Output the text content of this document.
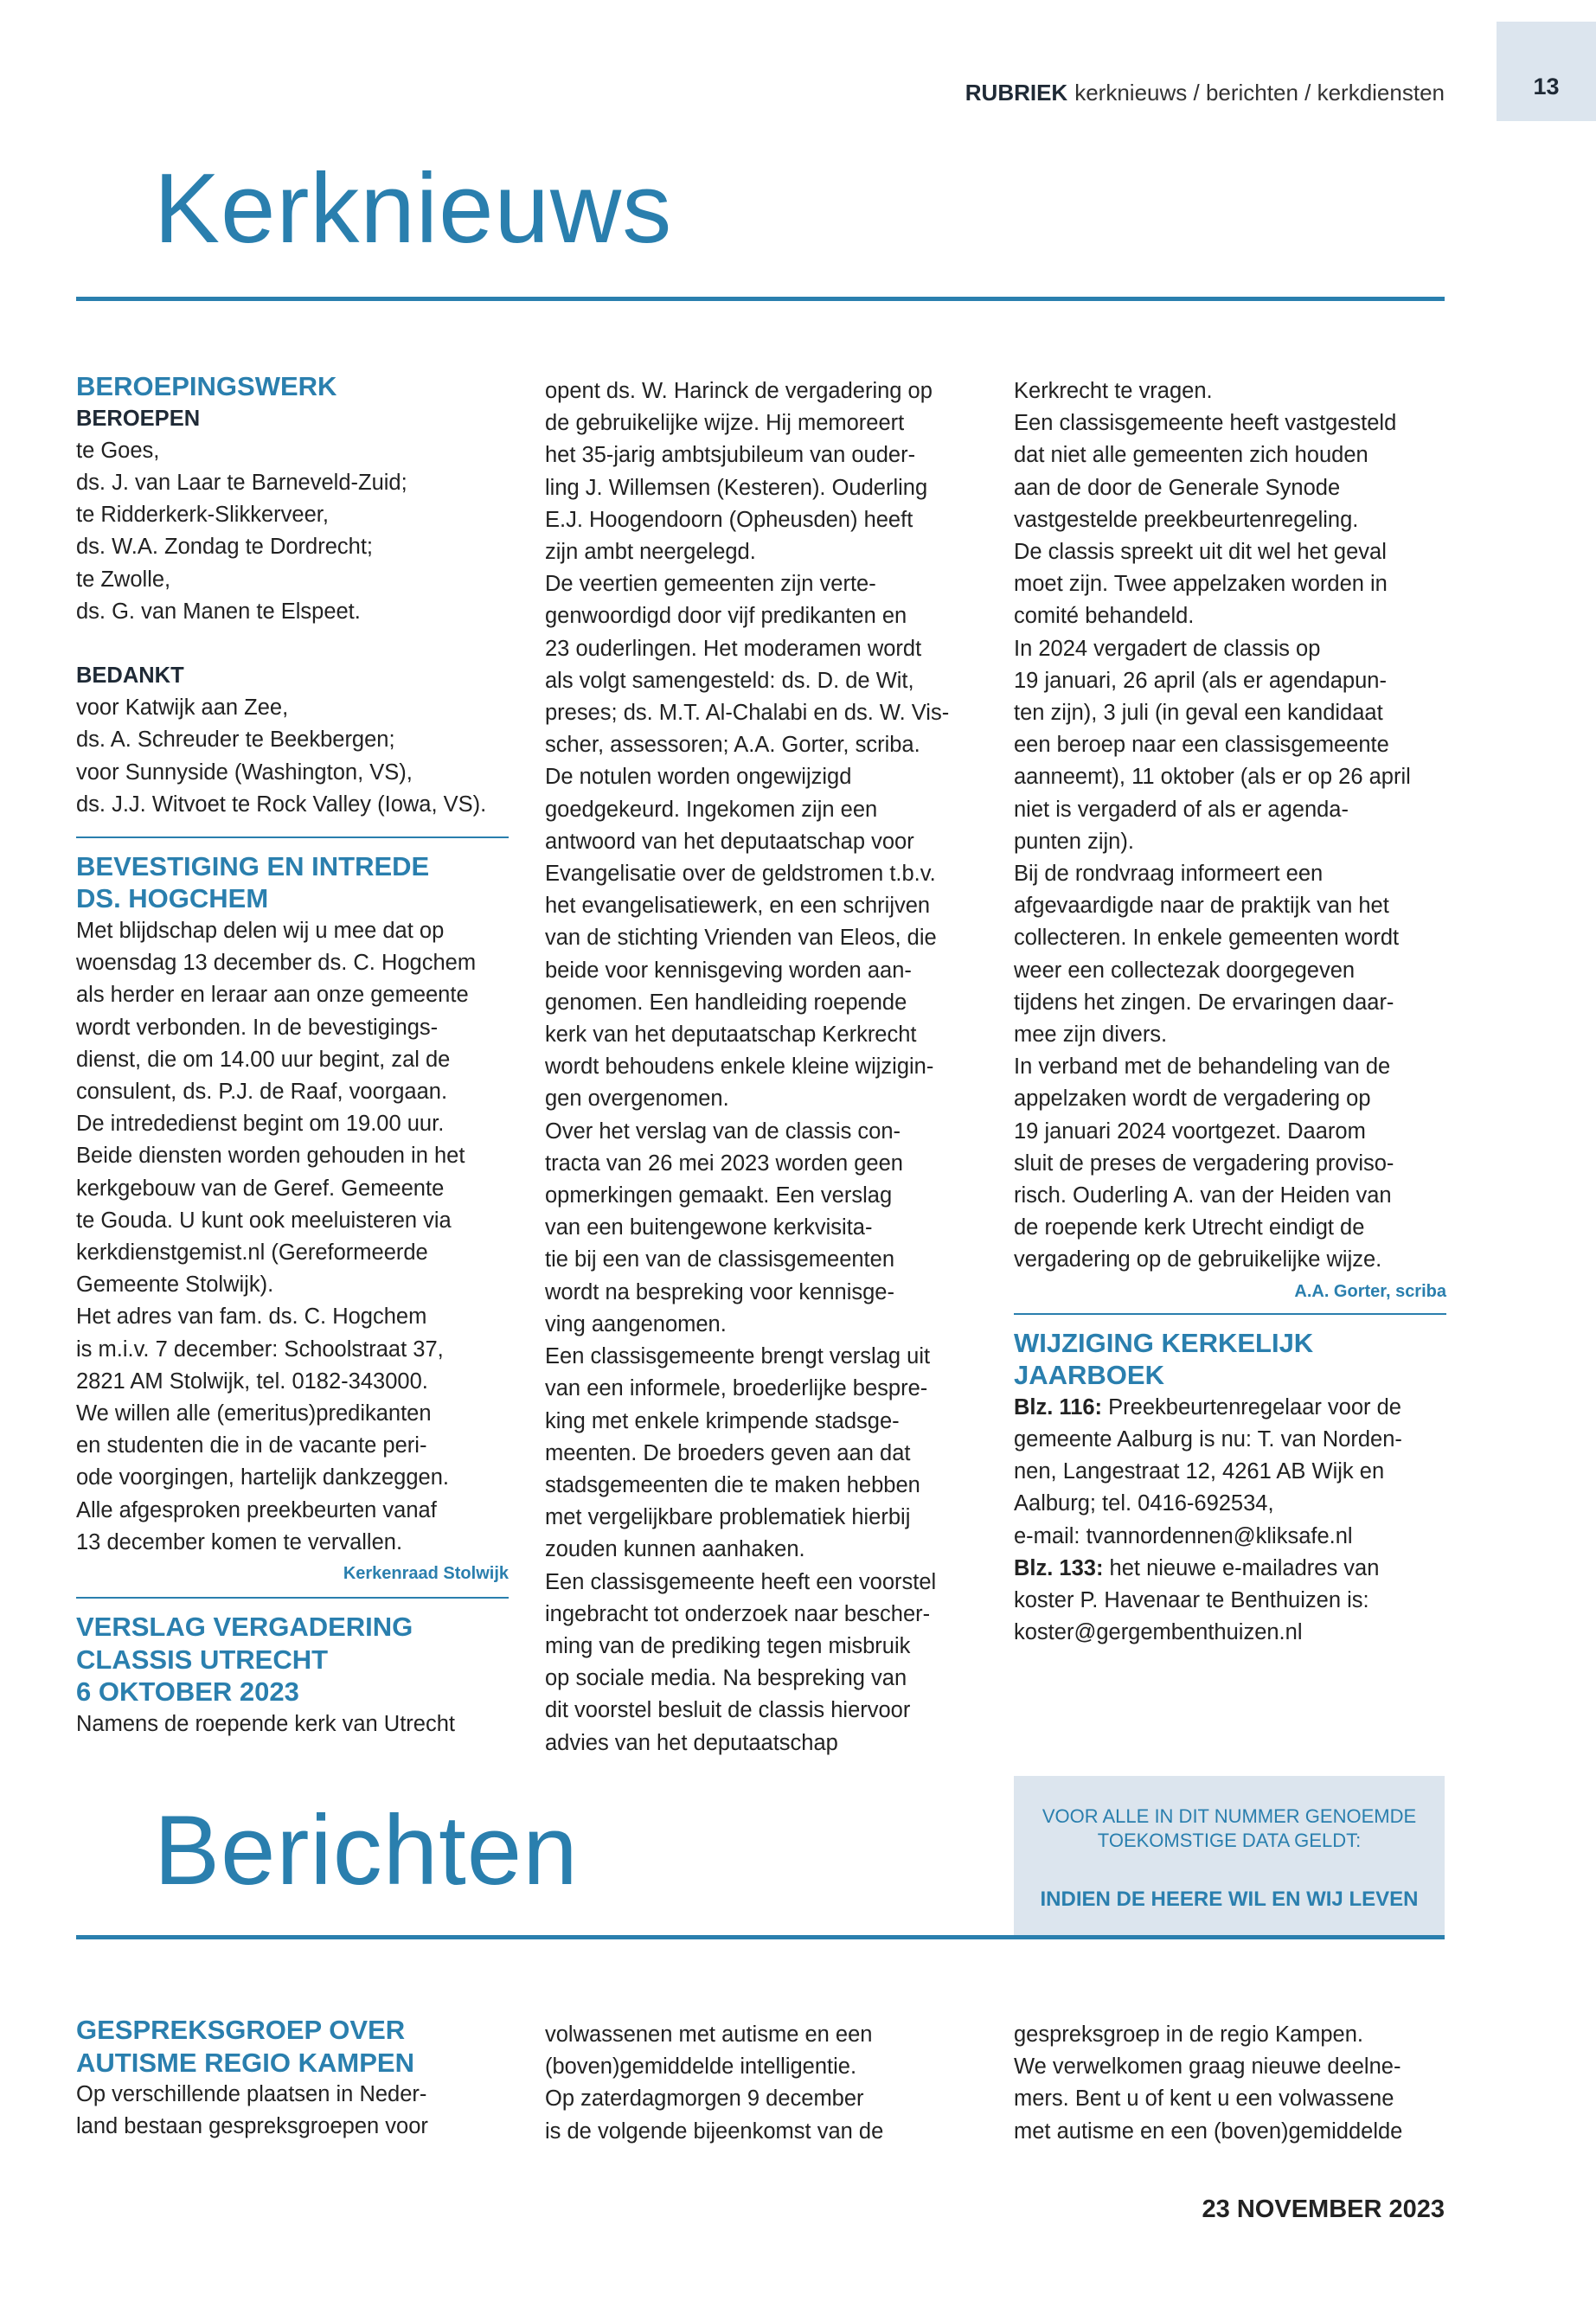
13
RUBRIEK kerknieuws / berichten / kerkdiensten
Kerknieuws
BEROEPINGSWERK

BEROEPEN

te Goes,

ds. J. van Laar te Barneveld-Zuid;

te Ridderkerk-Slikkerveer,

ds. W.A. Zondag te Dordrecht;

te Zwolle,

ds. G. van Manen te Elspeet.

BEDANKT

voor Katwijk aan Zee,

ds. A. Schreuder te Beekbergen;

voor Sunnyside (Washington, VS),

ds. J.J. Witvoet te Rock Valley (Iowa, VS).

BEVESTIGING EN INTREDE

DS. HOGCHEM

Met blijdschap delen wij u mee dat op

woensdag 13 december ds. C. Hogchem

als herder en leraar aan onze gemeente

wordt verbonden. In de bevestigings-

dienst, die om 14.00 uur begint, zal de

consulent, ds. P.J. de Raaf, voorgaan.

De intrededienst begint om 19.00 uur.

Beide diensten worden gehouden in het

kerkgebouw van de Geref. Gemeente

te Gouda. U kunt ook meeluisteren via

kerkdienstgemist.nl (Gereformeerde

Gemeente Stolwijk).

Het adres van fam. ds. C. Hogchem

is m.i.v. 7 december: Schoolstraat 37,

2821 AM Stolwijk, tel. 0182-343000.

We willen alle (emeritus)predikanten

en studenten die in de vacante peri-

ode voorgingen, hartelijk dankzeggen.

Alle afgesproken preekbeurten vanaf

13 december komen te vervallen.

Kerkenraad Stolwijk

VERSLAG VERGADERING

CLASSIS UTRECHT

6 OKTOBER 2023

Namens de roepende kerk van Utrecht

opent ds. W. Harinck de vergadering op

de gebruikelijke wijze. Hij memoreert

het 35-jarig ambtsjubileum van ouder-

ling J. Willemsen (Kesteren). Ouderling

E.J. Hoogendoorn (Opheusden) heeft

zijn ambt neergelegd.

De veertien gemeenten zijn verte-

genwoordigd door vijf predikanten en

23 ouderlingen. Het moderamen wordt

als volgt samengesteld: ds. D. de Wit,

preses; ds. M.T. Al-Chalabi en ds. W. Vis-

scher, assessoren; A.A. Gorter, scriba.

De notulen worden ongewijzigd

goedgekeurd. Ingekomen zijn een

antwoord van het deputaatschap voor

Evangelisatie over de geldstromen t.b.v.

het evangelisatiewerk, en een schrijven

van de stichting Vrienden van Eleos, die

beide voor kennisgeving worden aan-

genomen. Een handleiding roepende

kerk van het deputaatschap Kerkrecht

wordt behoudens enkele kleine wijzigin-

gen overgenomen.

Over het verslag van de classis con-

tracta van 26 mei 2023 worden geen

opmerkingen gemaakt. Een verslag

van een buitengewone kerkvisita-

tie bij een van de classisgemeenten

wordt na bespreking voor kennisge-

ving aangenomen.

Een classisgemeente brengt verslag uit

van een informele, broederlijke bespre-

king met enkele krimpende stadsge-

meenten. De broeders geven aan dat

stadsgemeenten die te maken hebben

met vergelijkbare problematiek hierbij

zouden kunnen aanhaken.

Een classisgemeente heeft een voorstel

ingebracht tot onderzoek naar bescher-

ming van de prediking tegen misbruik

op sociale media. Na bespreking van

dit voorstel besluit de classis hiervoor

advies van het deputaatschap

Kerkrecht te vragen.

Een classisgemeente heeft vastgesteld

dat niet alle gemeenten zich houden

aan de door de Generale Synode

vastgestelde preekbeurtenregeling.

De classis spreekt uit dit wel het geval

moet zijn. Twee appelzaken worden in

comité behandeld.

In 2024 vergadert de classis op

19 januari, 26 april (als er agendapun-

ten zijn), 3 juli (in geval een kandidaat

een beroep naar een classisgemeente

aanneemt), 11 oktober (als er op 26 april

niet is vergaderd of als er agenda-

punten zijn).

Bij de rondvraag informeert een

afgevaardigde naar de praktijk van het

collecteren. In enkele gemeenten wordt

weer een collectezak doorgegeven

tijdens het zingen. De ervaringen daar-

mee zijn divers.

In verband met de behandeling van de

appelzaken wordt de vergadering op

19 januari 2024 voortgezet. Daarom

sluit de preses de vergadering proviso-

risch. Ouderling A. van der Heiden van

de roepende kerk Utrecht eindigt de

vergadering op de gebruikelijke wijze.

A.A. Gorter, scriba

WIJZIGING KERKELIJK

JAARBOEK

Blz. 116: Preekbeurtenregelaar voor de

gemeente Aalburg is nu: T. van Norden-

nen, Langestraat 12, 4261 AB Wijk en

Aalburg; tel. 0416-692534,

e-mail: tvannordennen@kliksafe.nl

Blz. 133: het nieuwe e-mailadres van

koster P. Havenaar te Benthuizen is:

koster@gergembenthuizen.nl

Berichten	VOOR ALLE IN DIT NUMMER GENOEMDE
TOEKOMSTIGE DATA GELDT:
INDIEN DE HEERE WIL EN WIJ LEVEN

GESPREKSGROEP OVER

AUTISME REGIO KAMPEN

Op verschillende plaatsen in Neder-

land bestaan gespreksgroepen voor

volwassenen met autisme en een

(boven)gemiddelde intelligentie.

Op zaterdagmorgen 9 december

is de volgende bijeenkomst van de

gespreksgroep in de regio Kampen.

We verwelkomen graag nieuwe deelne-

mers. Bent u of kent u een volwassene

met autisme en een (boven)gemiddelde

23 NOVEMBER 2023
